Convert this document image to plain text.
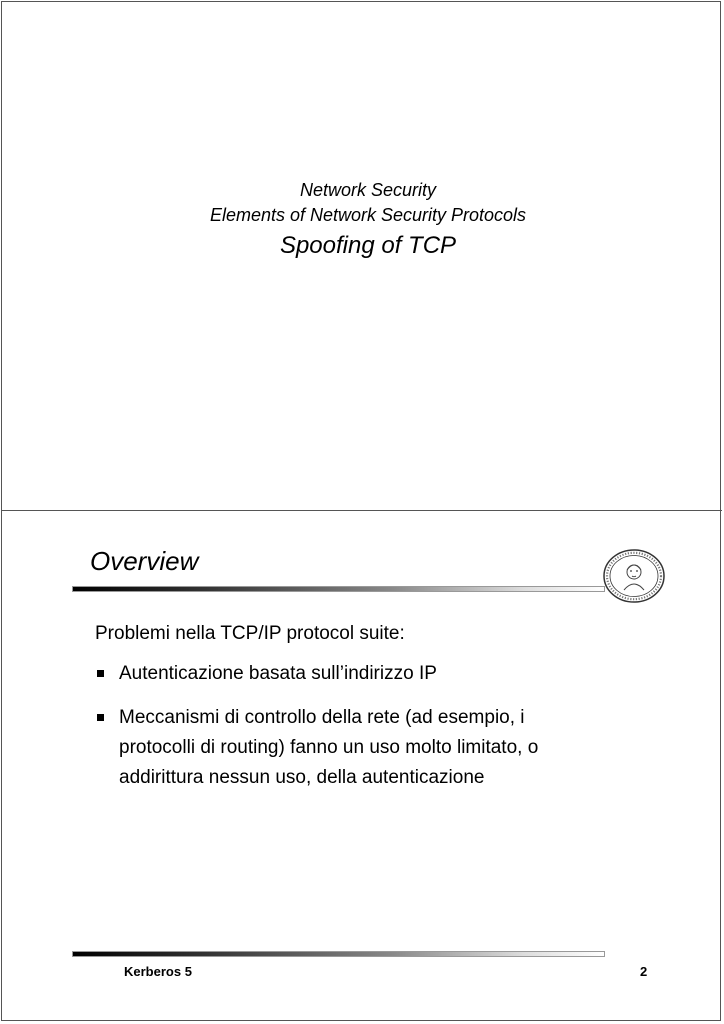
Network Security
Elements of Network Security Protocols
Spoofing of TCP
Overview
Problemi nella TCP/IP protocol suite:
Autenticazione basata sull’indirizzo IP
Meccanismi di controllo della rete (ad esempio, i protocolli di routing) fanno un uso molto limitato, o addirittura nessun uso, della autenticazione
Kerberos 5	2
